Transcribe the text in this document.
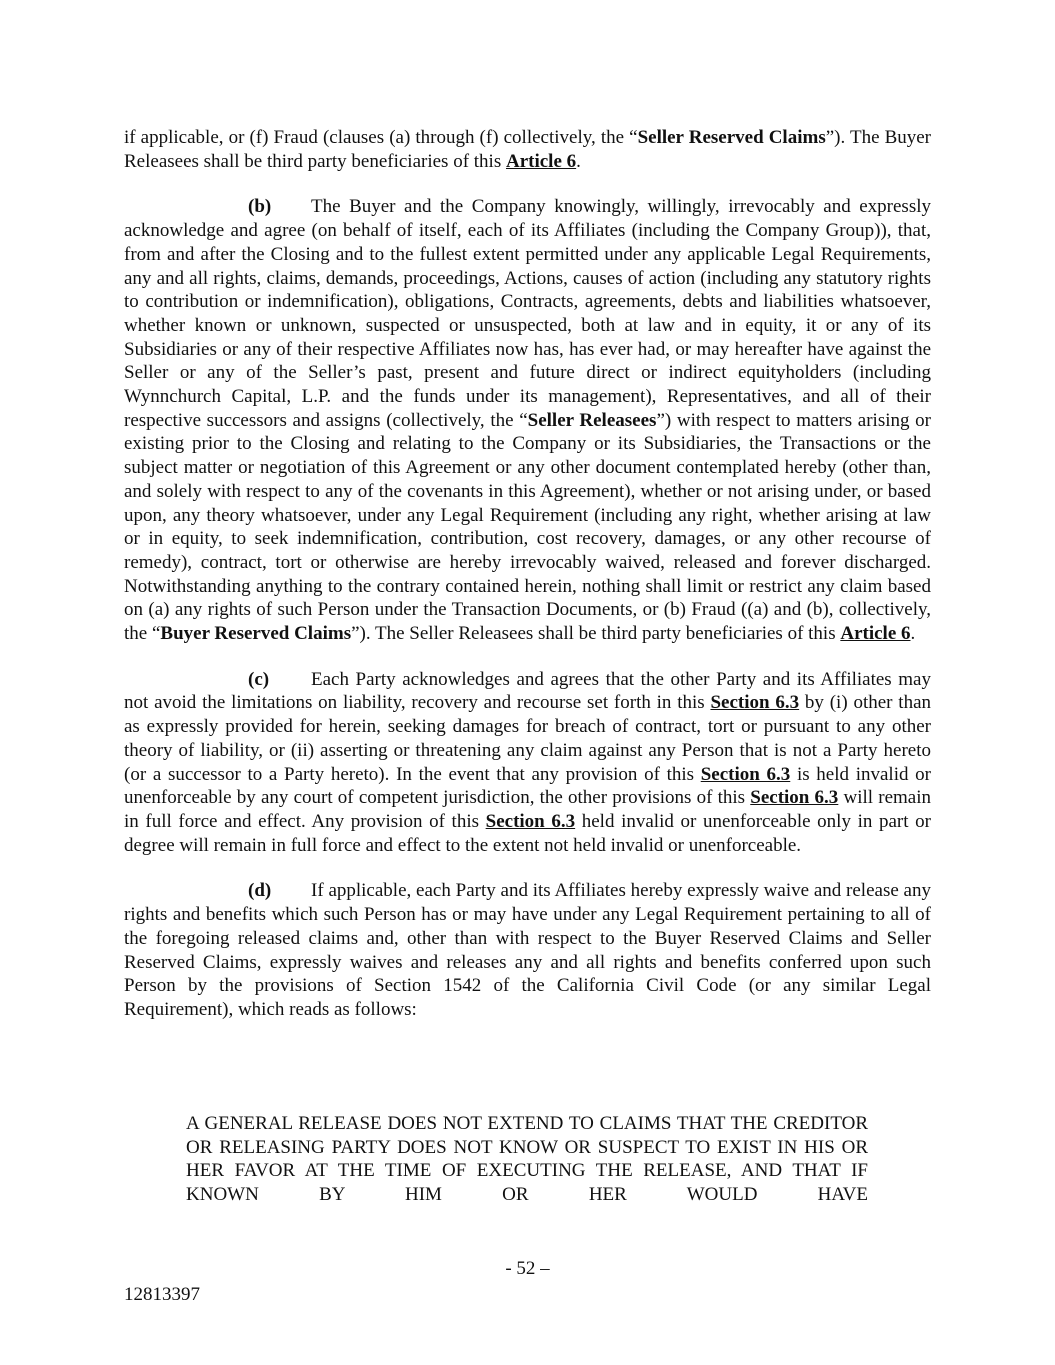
if applicable, or (f) Fraud (clauses (a) through (f) collectively, the “Seller Reserved Claims”). The Buyer Releasees shall be third party beneficiaries of this Article 6.

(b) The Buyer and the Company knowingly, willingly, irrevocably and expressly acknowledge and agree (on behalf of itself, each of its Affiliates (including the Company Group)), that, from and after the Closing and to the fullest extent permitted under any applicable Legal Requirements, any and all rights, claims, demands, proceedings, Actions, causes of action (including any statutory rights to contribution or indemnification), obligations, Contracts, agreements, debts and liabilities whatsoever, whether known or unknown, suspected or unsuspected, both at law and in equity, it or any of its Subsidiaries or any of their respective Affiliates now has, has ever had, or may hereafter have against the Seller or any of the Seller’s past, present and future direct or indirect equityholders (including Wynnchurch Capital, L.P. and the funds under its management), Representatives, and all of their respective successors and assigns (collectively, the “Seller Releasees”) with respect to matters arising or existing prior to the Closing and relating to the Company or its Subsidiaries, the Transactions or the subject matter or negotiation of this Agreement or any other document contemplated hereby (other than, and solely with respect to any of the covenants in this Agreement), whether or not arising under, or based upon, any theory whatsoever, under any Legal Requirement (including any right, whether arising at law or in equity, to seek indemnification, contribution, cost recovery, damages, or any other recourse of remedy), contract, tort or otherwise are hereby irrevocably waived, released and forever discharged. Notwithstanding anything to the contrary contained herein, nothing shall limit or restrict any claim based on (a) any rights of such Person under the Transaction Documents, or (b) Fraud ((a) and (b), collectively, the “Buyer Reserved Claims”). The Seller Releasees shall be third party beneficiaries of this Article 6.

(c) Each Party acknowledges and agrees that the other Party and its Affiliates may not avoid the limitations on liability, recovery and recourse set forth in this Section 6.3 by (i) other than as expressly provided for herein, seeking damages for breach of contract, tort or pursuant to any other theory of liability, or (ii) asserting or threatening any claim against any Person that is not a Party hereto (or a successor to a Party hereto). In the event that any provision of this Section 6.3 is held invalid or unenforceable by any court of competent jurisdiction, the other provisions of this Section 6.3 will remain in full force and effect. Any provision of this Section 6.3 held invalid or unenforceable only in part or degree will remain in full force and effect to the extent not held invalid or unenforceable.

(d) If applicable, each Party and its Affiliates hereby expressly waive and release any rights and benefits which such Person has or may have under any Legal Requirement pertaining to all of the foregoing released claims and, other than with respect to the Buyer Reserved Claims and Seller Reserved Claims, expressly waives and releases any and all rights and benefits conferred upon such Person by the provisions of Section 1542 of the California Civil Code (or any similar Legal Requirement), which reads as follows:

A GENERAL RELEASE DOES NOT EXTEND TO CLAIMS THAT THE CREDITOR OR RELEASING PARTY DOES NOT KNOW OR SUSPECT TO EXIST IN HIS OR HER FAVOR AT THE TIME OF EXECUTING THE RELEASE, AND THAT IF KNOWN BY HIM OR HER WOULD HAVE

- 52 –
12813397
